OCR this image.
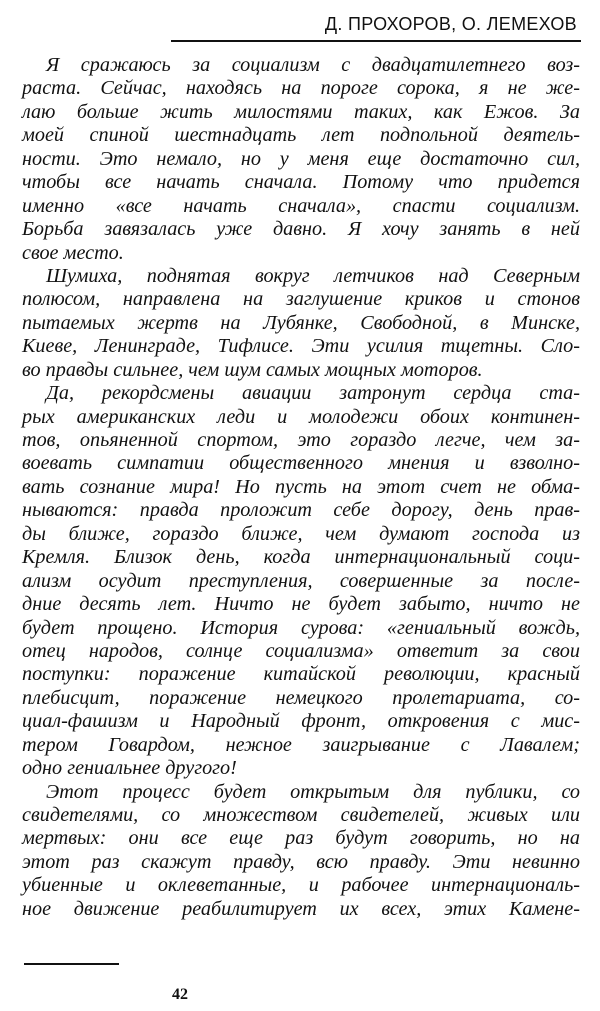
Д. ПРОХОРОВ, О. ЛЕМЕХОВ
Я сражаюсь за социализм с двадцатилетнего воз-
раста. Сейчас, находясь на пороге сорока, я не же-
лаю больше жить милостями таких, как Ежов. За
моей спиной шестнадцать лет подпольной деятель-
ности. Это немало, но у меня еще достаточно сил,
чтобы все начать сначала. Потому что придется
именно «все начать сначала», спасти социализм.
Борьба завязалась уже давно. Я хочу занять в ней
свое место.
Шумиха, поднятая вокруг летчиков над Северным
полюсом, направлена на заглушение криков и стонов
пытаемых жертв на Лубянке, Свободной, в Минске,
Киеве, Ленинграде, Тифлисе. Эти усилия тщетны. Сло-
во правды сильнее, чем шум самых мощных моторов.
Да, рекордсмены авиации затронут сердца ста-
рых американских леди и молодежи обоих континен-
тов, опьяненной спортом, это гораздо легче, чем за-
воевать симпатии общественного мнения и взволно-
вать сознание мира! Но пусть на этот счет не обма-
нываются: правда проложит себе дорогу, день прав-
ды ближе, гораздо ближе, чем думают господа из
Кремля. Близок день, когда интернациональный соци-
ализм осудит преступления, совершенные за после-
дние десять лет. Ничто не будет забыто, ничто не
будет прощено. История сурова: «гениальный вождь,
отец народов, солнце социализма» ответит за свои
поступки: поражение китайской революции, красный
плебисцит, поражение немецкого пролетариата, со-
циал-фашизм и Народный фронт, откровения с мис-
тером Говардом, нежное заигрывание с Лавалем;
одно гениальнее другого!
Этот процесс будет открытым для публики, со
свидетелями, со множеством свидетелей, живых или
мертвых: они все еще раз будут говорить, но на
этот раз скажут правду, всю правду. Эти невинно
убиенные и оклеветанные, и рабочее интернациональ-
ное движение реабилитирует их всех, этих Камене-
42
